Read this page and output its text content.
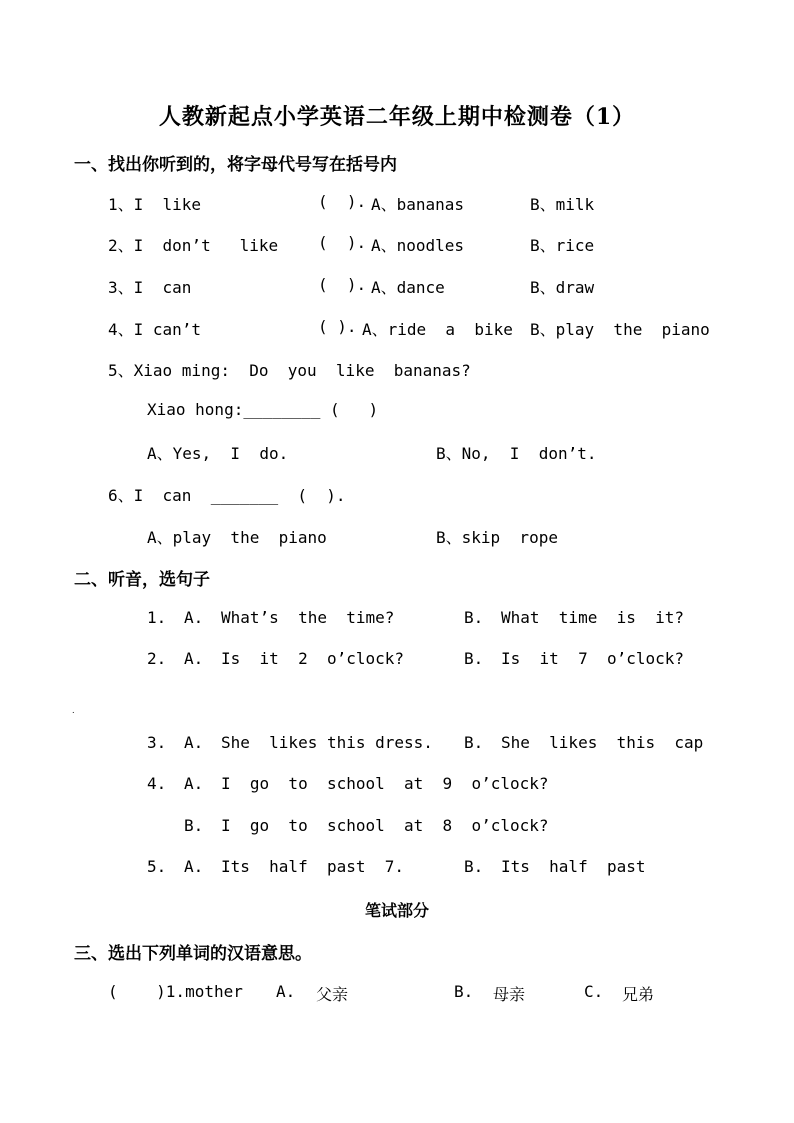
人教新起点小学英语二年级上期中检测卷（1）
一、找出你听到的，将字母代号写在括号内
1、I  like	(  ). A、bananas	B、milk
2、I  don’t   like (  ). A、noodles	B、rice
3、I  can	(  ). A、dance	B、draw
4、I can’t	( ). A、ride  a  bike B、play  the  piano
5、Xiao ming:  Do  you  like  bananas?
Xiao hong:________ (   )
A、Yes,  I  do.	B、No,  I  don’t.
6、I  can  _______  (  ).
A、play  the  piano	B、skip  rope
二、听音，选句子
1. A. What’s  the  time?	B. What  time  is  it?
2. A. Is  it  2  o’clock?	B. Is  it  7  o’clock?
.
3. A. She  likes this dress. B. She  likes  this  cap
4. A. I  go  to  school  at  9  o’clock?
B. I  go  to  school  at  8  o’clock?
5. A. Its  half  past  7.	B. Its  half  past
笔试部分
三、选出下列单词的汉语意思。
(    )1.mother A. 父亲	B. 母亲	C. 兄弟
